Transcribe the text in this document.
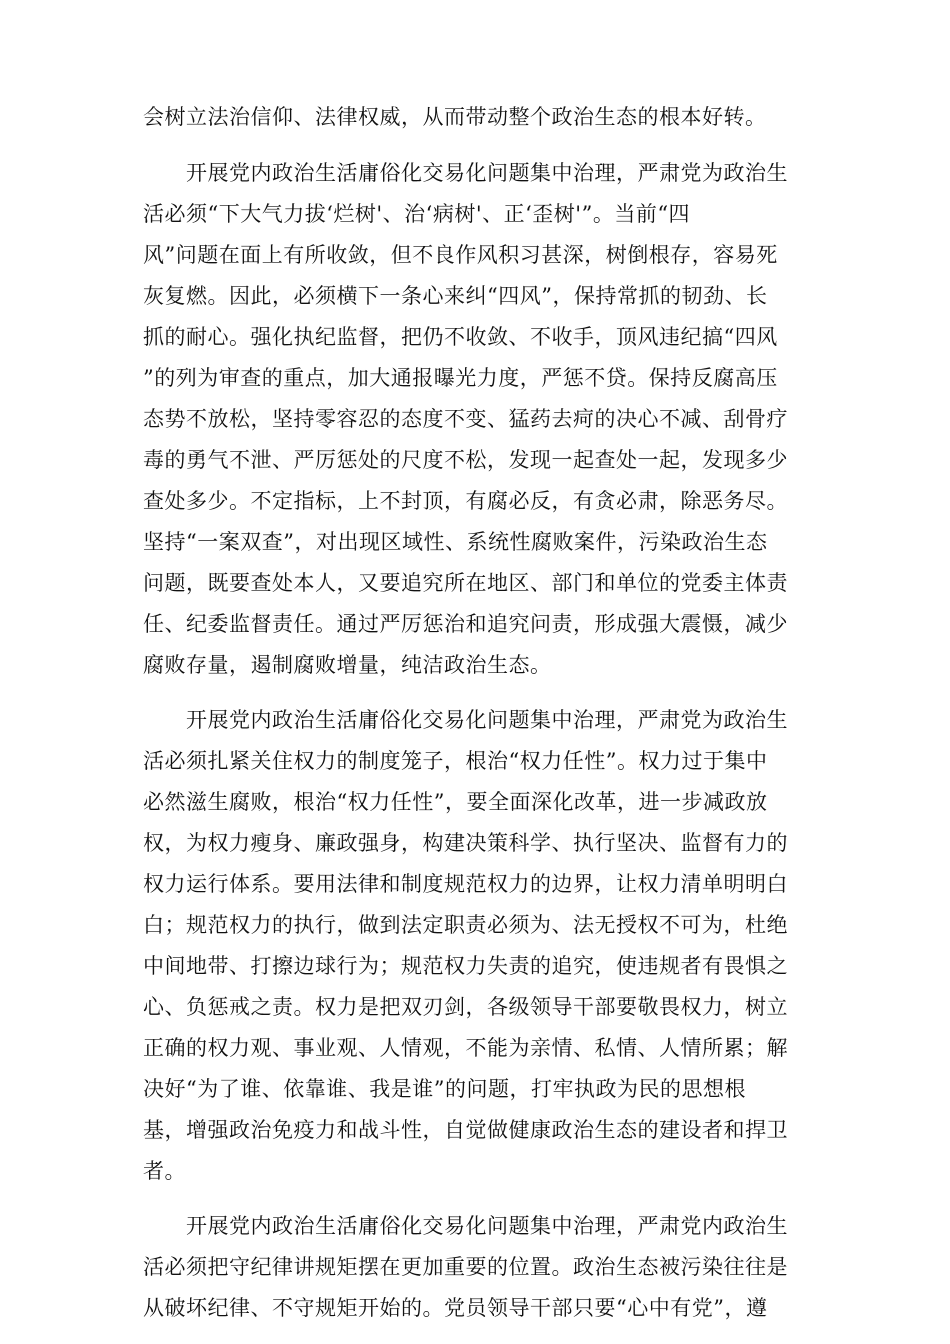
会树立法治信仰、法律权威，从而带动整个政治生态的根本好转。
开展党内政治生活庸俗化交易化问题集中治理，严肃党为政治生
活必须“下大气力拔‘烂树'、治‘病树'、正‘歪树'”。当前“四
风”问题在面上有所收敛，但不良作风积习甚深，树倒根存，容易死
灰复燃。因此，必须横下一条心来纠“四风”，保持常抓的韧劲、长
抓的耐心。强化执纪监督，把仍不收敛、不收手，顶风违纪搞“四风
”的列为审查的重点，加大通报曝光力度，严惩不贷。保持反腐高压
态势不放松，坚持零容忍的态度不变、猛药去疴的决心不减、刮骨疗
毒的勇气不泄、严厉惩处的尺度不松，发现一起查处一起，发现多少
查处多少。不定指标，上不封顶，有腐必反，有贪必肃，除恶务尽。
坚持“一案双查”，对出现区域性、系统性腐败案件，污染政治生态
问题，既要查处本人，又要追究所在地区、部门和单位的党委主体责
任、纪委监督责任。通过严厉惩治和追究问责，形成强大震慑，减少
腐败存量，遏制腐败增量，纯洁政治生态。
开展党内政治生活庸俗化交易化问题集中治理，严肃党为政治生
活必须扎紧关住权力的制度笼子，根治“权力任性”。权力过于集中
必然滋生腐败，根治“权力任性”，要全面深化改革，进一步减政放
权，为权力瘦身、廉政强身，构建决策科学、执行坚决、监督有力的
权力运行体系。要用法律和制度规范权力的边界，让权力清单明明白
白；规范权力的执行，做到法定职责必须为、法无授权不可为，杜绝
中间地带、打擦边球行为；规范权力失责的追究，使违规者有畏惧之
心、负惩戒之责。权力是把双刃剑，各级领导干部要敬畏权力，树立
正确的权力观、事业观、人情观，不能为亲情、私情、人情所累；解
决好“为了谁、依靠谁、我是谁”的问题，打牢执政为民的思想根
基，增强政治免疫力和战斗性，自觉做健康政治生态的建设者和捍卫
者。
开展党内政治生活庸俗化交易化问题集中治理，严肃党内政治生
活必须把守纪律讲规矩摆在更加重要的位置。政治生态被污染往往是
从破坏纪律、不守规矩开始的。党员领导干部只要“心中有党”，遵
